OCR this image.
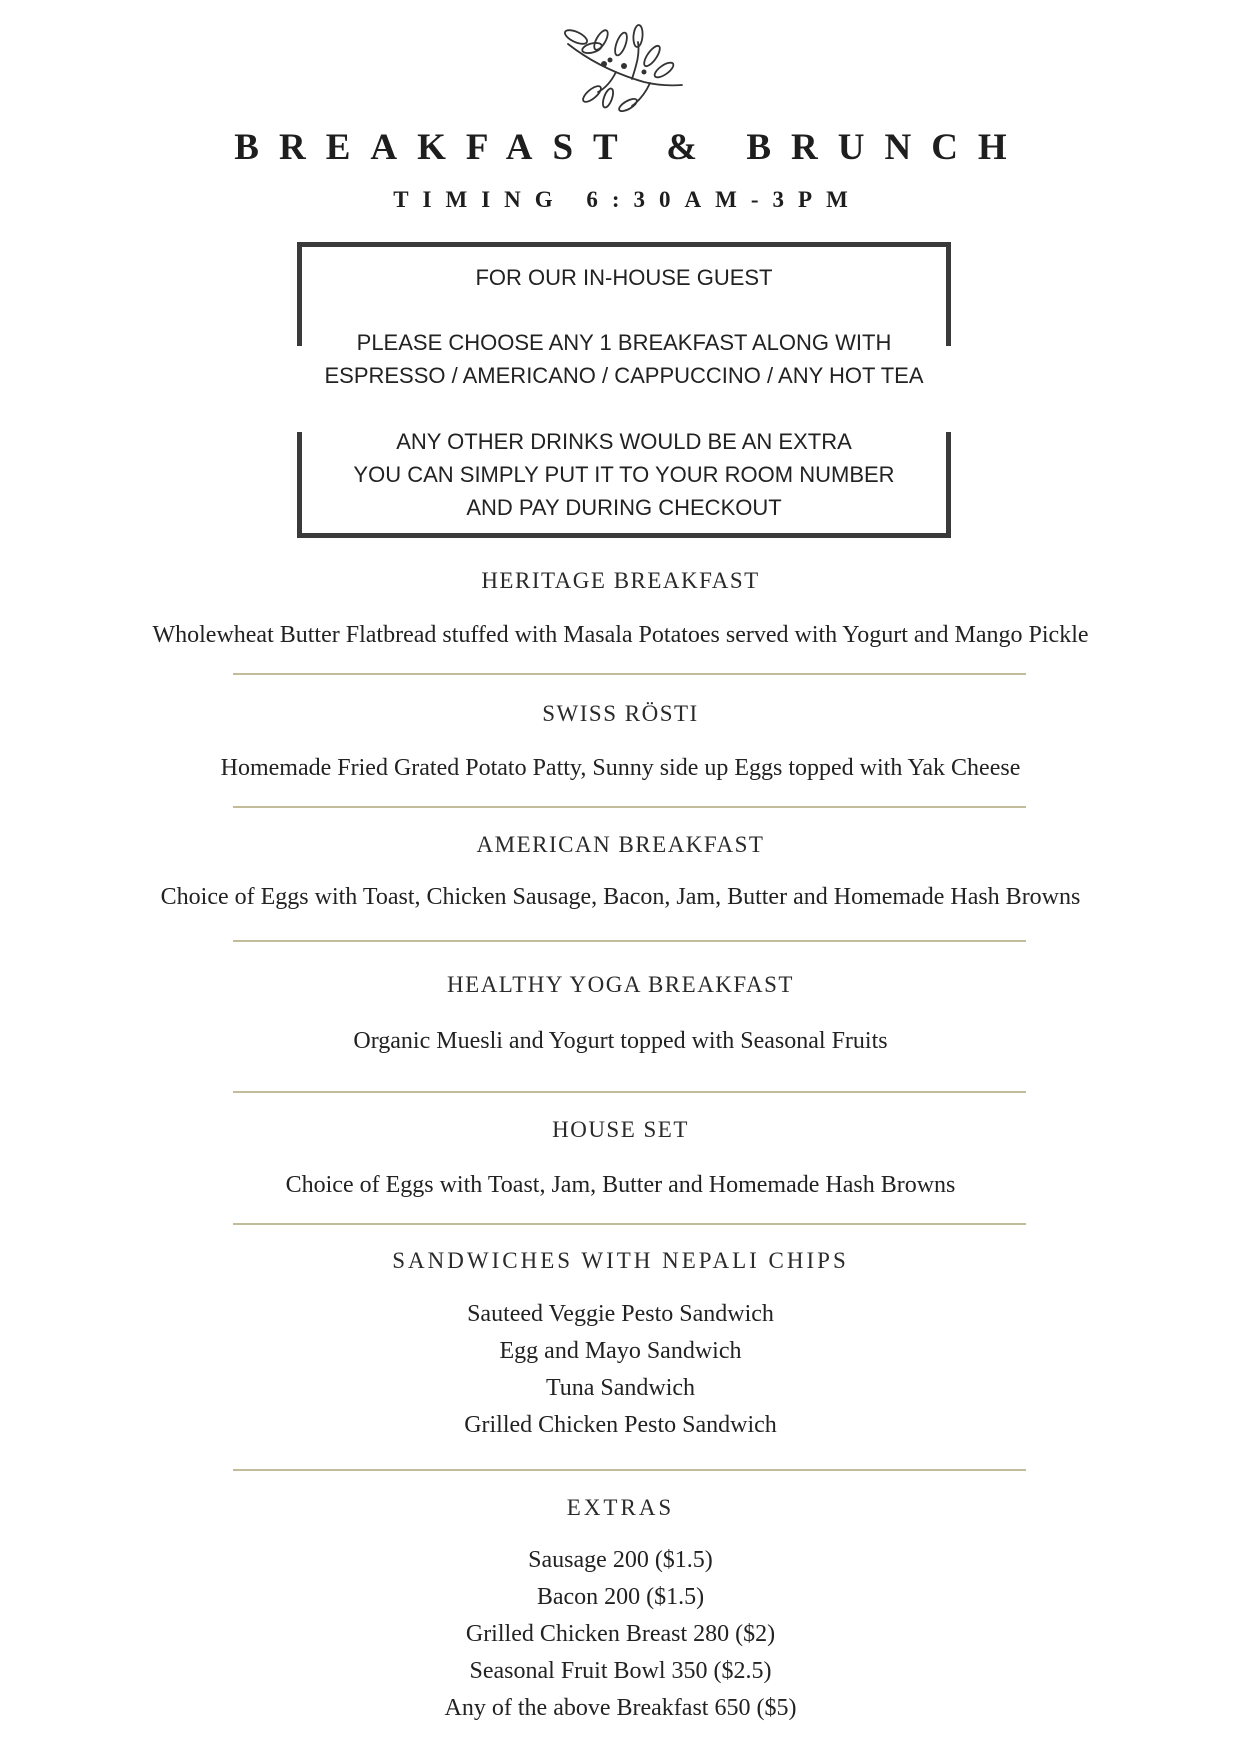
BREAKFAST & BRUNCH
TIMING 6:30AM-3PM
FOR OUR IN-HOUSE GUEST
PLEASE CHOOSE ANY 1 BREAKFAST ALONG WITH
ESPRESSO / AMERICANO / CAPPUCCINO / ANY HOT TEA
ANY OTHER DRINKS WOULD BE AN EXTRA
YOU CAN SIMPLY PUT IT TO YOUR ROOM NUMBER
AND PAY DURING CHECKOUT
HERITAGE BREAKFAST
Wholewheat Butter Flatbread stuffed with Masala Potatoes served with Yogurt and Mango Pickle
SWISS RÖSTI
Homemade Fried Grated Potato Patty, Sunny side up Eggs topped with Yak Cheese
AMERICAN BREAKFAST
Choice of Eggs with Toast, Chicken Sausage, Bacon, Jam, Butter and Homemade Hash Browns
HEALTHY YOGA BREAKFAST
Organic Muesli and Yogurt topped with Seasonal Fruits
HOUSE SET
Choice of Eggs with Toast, Jam, Butter and Homemade Hash Browns
SANDWICHES WITH NEPALI CHIPS
Sauteed Veggie Pesto Sandwich
Egg and Mayo Sandwich
Tuna Sandwich
Grilled Chicken Pesto Sandwich
EXTRAS
Sausage 200 ($1.5)
Bacon 200 ($1.5)
Grilled Chicken Breast 280 ($2)
Seasonal Fruit Bowl 350 ($2.5)
Any of the above Breakfast 650 ($5)
